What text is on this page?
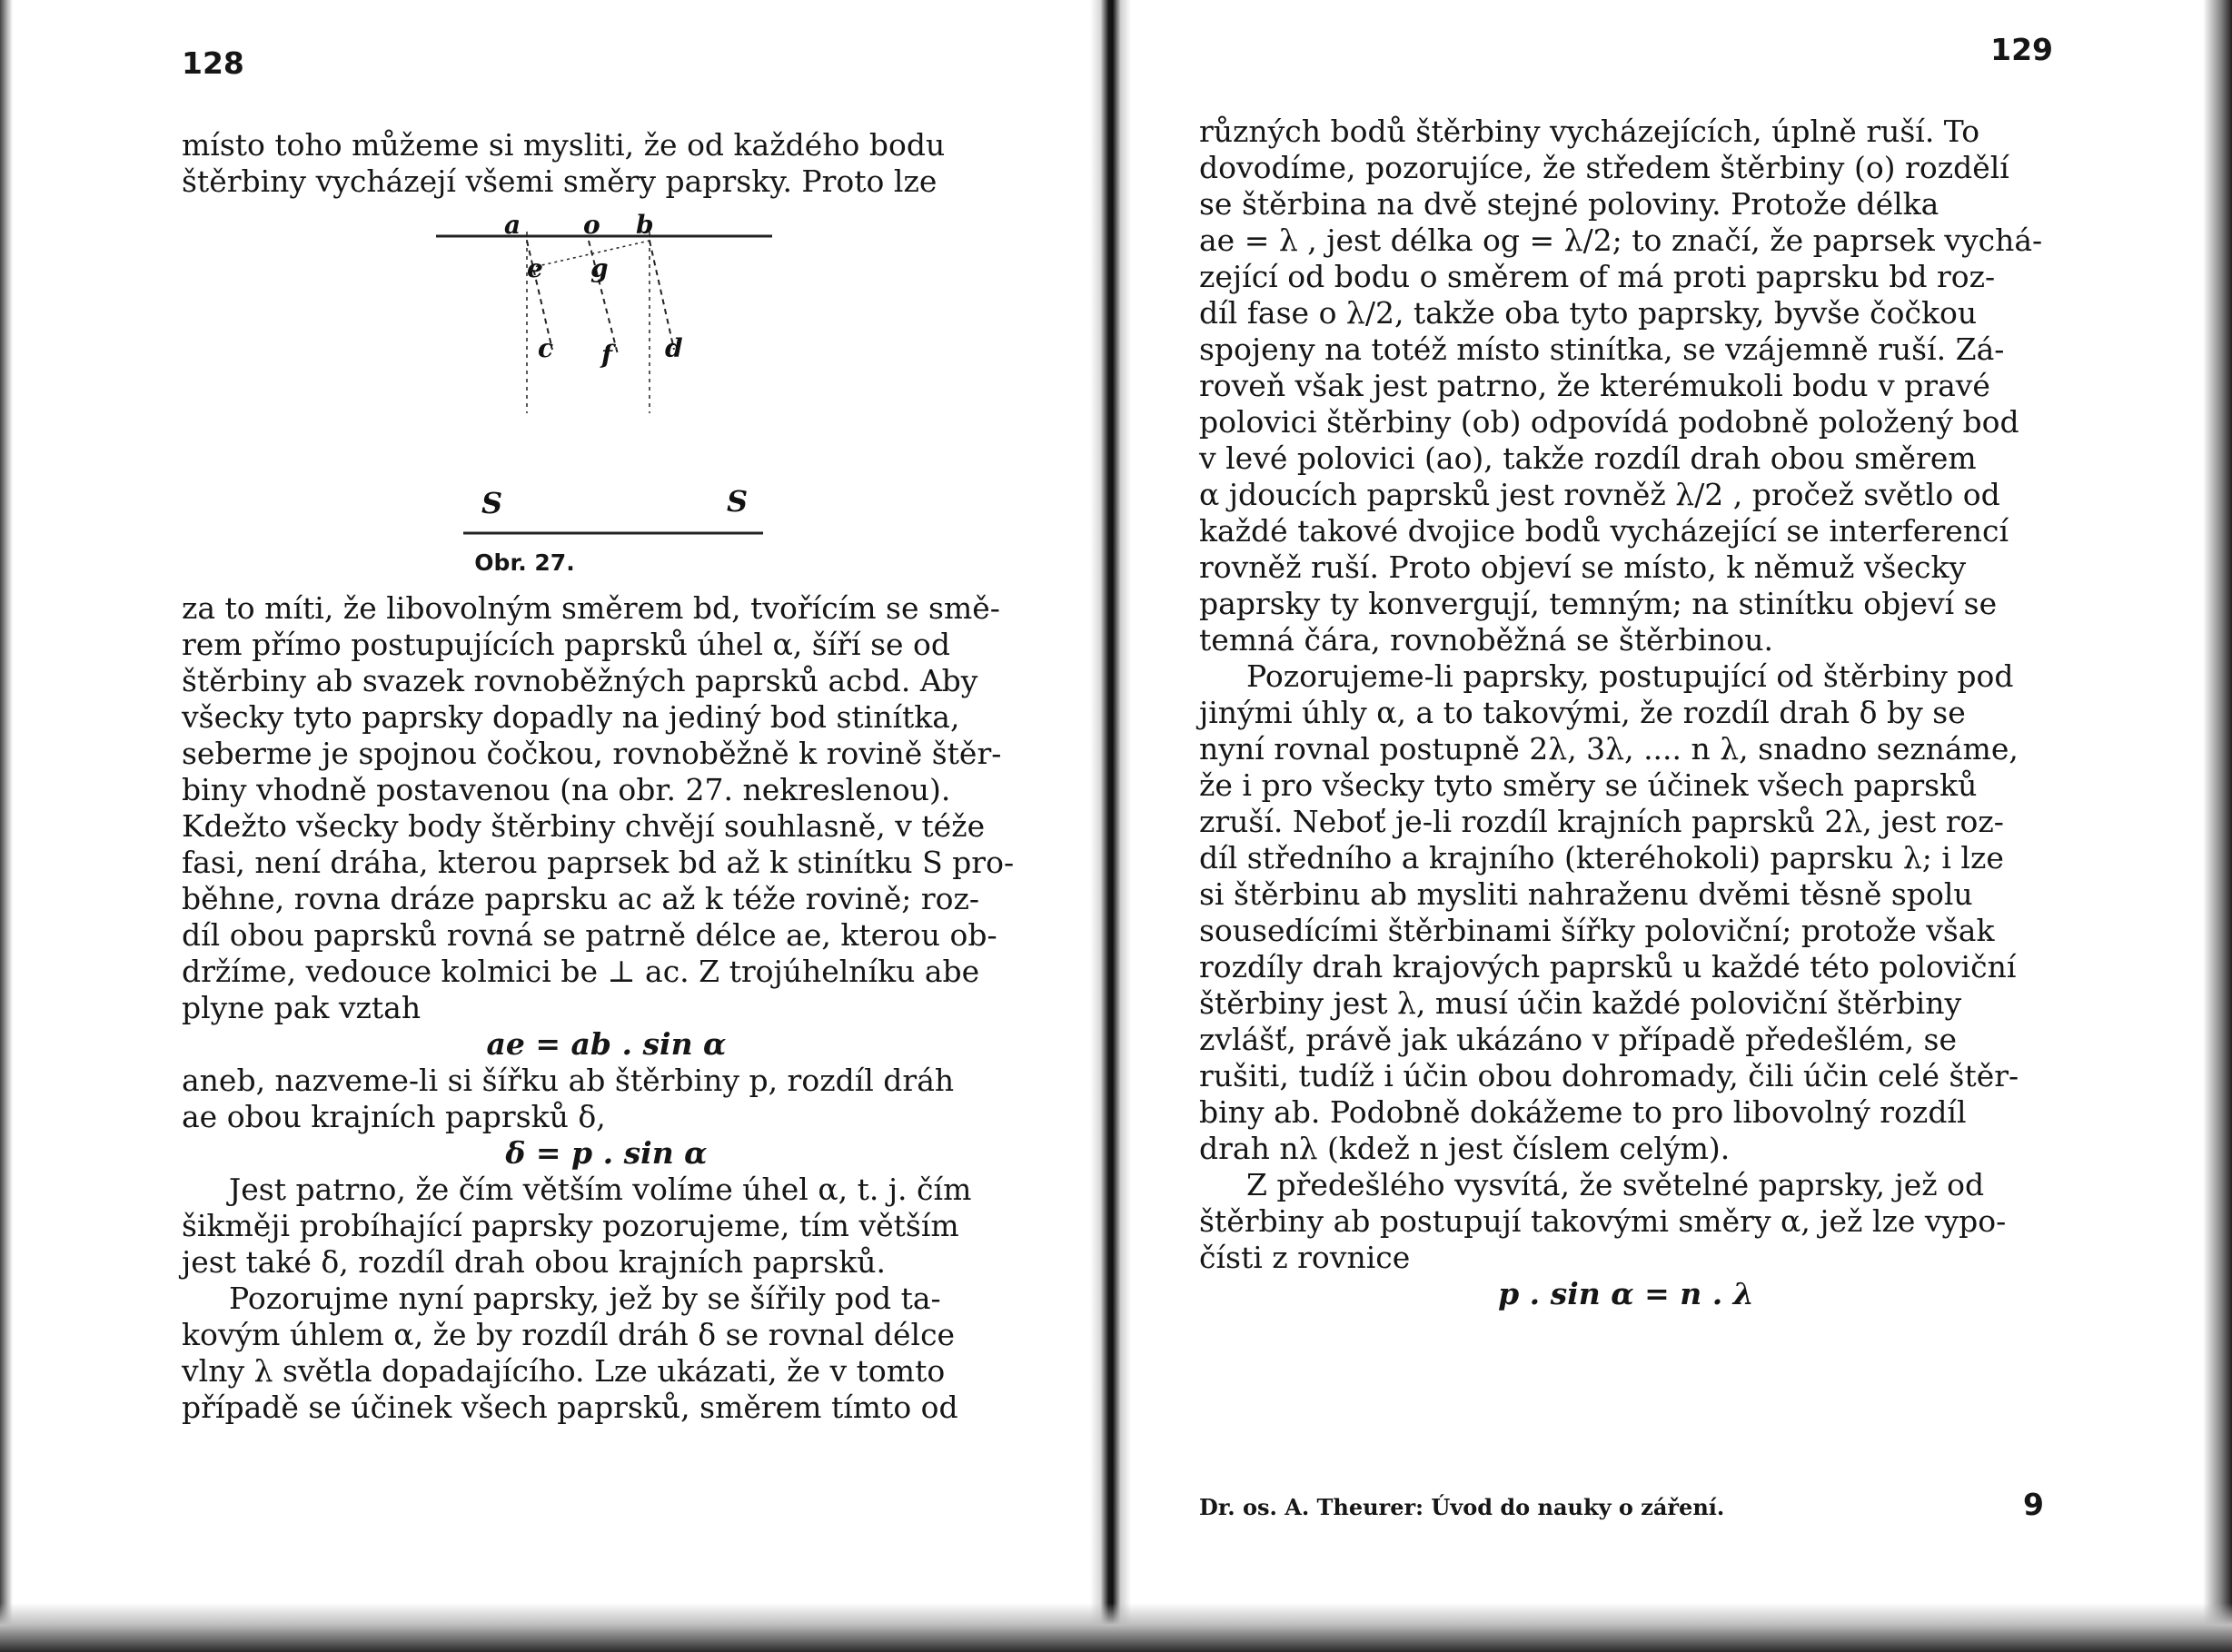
128

místo toho můžeme si mysliti, že od každého bodu

štěrbiny vycházejí všemi směry paprsky. Proto lze

a o b
e g
c f d
S	S
Obr. 27.

za to míti, že libovolným směrem bd, tvořícím se smě-

rem přímo postupujících paprsků úhel α, šíří se od

štěrbiny ab svazek rovnoběžných paprsků acbd. Aby

všecky tyto paprsky dopadly na jediný bod stinítka,

seberme je spojnou čočkou, rovnoběžně k rovině štěr-

biny vhodně postavenou (na obr. 27. nekreslenou).

Kdežto všecky body štěrbiny chvějí souhlasně, v téže

fasi, není dráha, kterou paprsek bd až k stinítku S pro-

běhne, rovna dráze paprsku ac až k téže rovině; roz-

díl obou paprsků rovná se patrně délce ae, kterou ob-

držíme, vedouce kolmici be ⊥ ac. Z trojúhelníku abe

plyne pak vztah

ae = ab . sin α

aneb, nazveme-li si šířku ab štěrbiny p, rozdíl dráh

ae obou krajních paprsků δ,

δ = p . sin α

Jest patrno, že čím větším volíme úhel α, t. j. čím

šikměji probíhající paprsky pozorujeme, tím větším

jest také δ, rozdíl drah obou krajních paprsků.

Pozorujme nyní paprsky, jež by se šířily pod ta-

kovým úhlem α, že by rozdíl dráh δ se rovnal délce

vlny λ světla dopadajícího. Lze ukázati, že v tomto

případě se účinek všech paprsků, směrem tímto od

129

různých bodů štěrbiny vycházejících, úplně ruší. To

dovodíme, pozorujíce, že středem štěrbiny (o) rozdělí

se štěrbina na dvě stejné poloviny. Protože délka

ae = λ , jest délka og = λ/2; to značí, že paprsek vychá-

zející od bodu o směrem of má proti paprsku bd roz-

díl fase o λ/2, takže oba tyto paprsky, byvše čočkou

spojeny na totéž místo stinítka, se vzájemně ruší. Zá-

roveň však jest patrno, že kterémukoli bodu v pravé

polovici štěrbiny (ob) odpovídá podobně položený bod

v levé polovici (ao), takže rozdíl drah obou směrem

α jdoucích paprsků jest rovněž λ/2 , pročež světlo od

každé takové dvojice bodů vycházející se interferencí

rovněž ruší. Proto objeví se místo, k němuž všecky

paprsky ty konvergují, temným; na stinítku objeví se

temná čára, rovnoběžná se štěrbinou.

Pozorujeme-li paprsky, postupující od štěrbiny pod

jinými úhly α, a to takovými, že rozdíl drah δ by se

nyní rovnal postupně 2λ, 3λ, .... n λ, snadno seznáme,

že i pro všecky tyto směry se účinek všech paprsků

zruší. Neboť je-li rozdíl krajních paprsků 2λ, jest roz-

díl středního a krajního (kteréhokoli) paprsku λ; i lze

si štěrbinu ab mysliti nahraženu dvěmi těsně spolu

sousedícími štěrbinami šířky poloviční; protože však

rozdíly drah krajových paprsků u každé této poloviční

štěrbiny jest λ, musí účin každé poloviční štěrbiny

zvlášť, právě jak ukázáno v případě předešlém, se

rušiti, tudíž i účin obou dohromady, čili účin celé štěr-

biny ab. Podobně dokážeme to pro libovolný rozdíl

drah nλ (kdež n jest číslem celým).

Z předešlého vysvítá, že světelné paprsky, jež od

štěrbiny ab postupují takovými směry α, jež lze vypo-

čísti z rovnice

p . sin α = n . λ

Dr. os. A. Theurer: Úvod do nauky o záření.	9
